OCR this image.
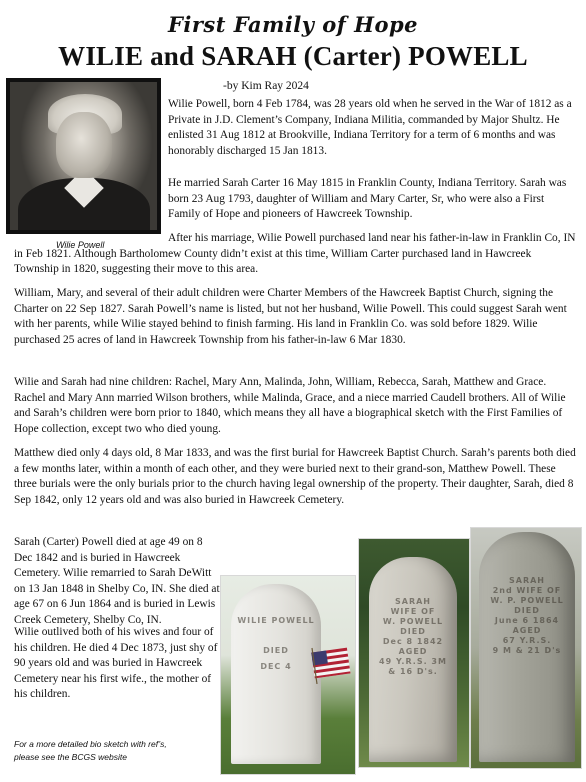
First Family of Hope
WILIE and SARAH (Carter) POWELL
-by Kim Ray 2024
Wilie Powell

Wilie Powell, born 4 Feb 1784, was 28 years old when he served in the War of 1812 as a Private in J.D. Clement’s Company, Indiana Militia, commanded by Major Shultz. He enlisted 31 Aug 1812 at Brookville, Indiana Territory for a term of 6 months and was honorably discharged 15 Jan 1813.

He married Sarah Carter 16 May 1815 in Franklin County, Indiana Territory. Sarah was born 23 Aug 1793, daughter of William and Mary Carter, Sr, who were also a First Family of Hope and pioneers of Hawcreek Township.

After his marriage, Wilie Powell purchased land near his father-in-law in Franklin Co, IN in Feb 1821. Although Bartholomew County didn’t exist at this time, William Carter purchased land in Hawcreek Township in 1820, suggesting their move to this area.

William, Mary, and several of their adult children were Charter Members of the Hawcreek Baptist Church, signing the Charter on 22 Sep 1827. Sarah Powell’s name is listed, but not her husband, Wilie Powell. This could suggest Sarah went with her parents, while Wilie stayed behind to finish farming. His land in Franklin Co. was sold before 1829. Wilie purchased 25 acres of land in Hawcreek Township from his father-in-law 6 Mar 1830.

Wilie and Sarah had nine children: Rachel, Mary Ann, Malinda, John, William, Rebecca, Sarah, Matthew and Grace. Rachel and Mary Ann married Wilson brothers, while Malinda, Grace, and a niece married Caudell brothers. All of Wilie and Sarah’s children were born prior to 1840, which means they all have a biographical sketch with the First Families of Hope collection, except two who died young.

Matthew died only 4 days old, 8 Mar 1833, and was the first burial for Hawcreek Baptist Church. Sarah’s parents both died a few months later, within a month of each other, and they were buried next to their grand-son, Matthew Powell. These three burials were the only burials prior to the church having legal ownership of the property. Their daughter, Sarah, died 8 Sep 1842, only 12 years old and was also buried in Hawcreek Cemetery.

Sarah (Carter) Powell died at age 49 on 8 Dec 1842 and is buried in Hawcreek Cemetery. Wilie remarried to Sarah DeWitt on 13 Jan 1848 in Shelby Co, IN. She died at age 67 on 6 Jun 1864 and is buried in Lewis Creek Cemetery, Shelby Co, IN.

Wilie outlived both of his wives and four of his children. He died 4 Dec 1873, just shy of 90 years old and was buried in Hawcreek Cemetery near his first wife., the mother of his children.

For a more detailed bio sketch with ref’s,
please see the BCGS website
WILIE POWELL
DIED
DEC 4
SARAH
WIFE OF
W. POWELL
DIED
Dec 8 1842
AGED
49 Y.R.S. 3M
& 16 D's.
SARAH
2nd WIFE OF
W. P. POWELL
DIED
June 6 1864
AGED
67 Y.R.S.
9 M & 21 D's
